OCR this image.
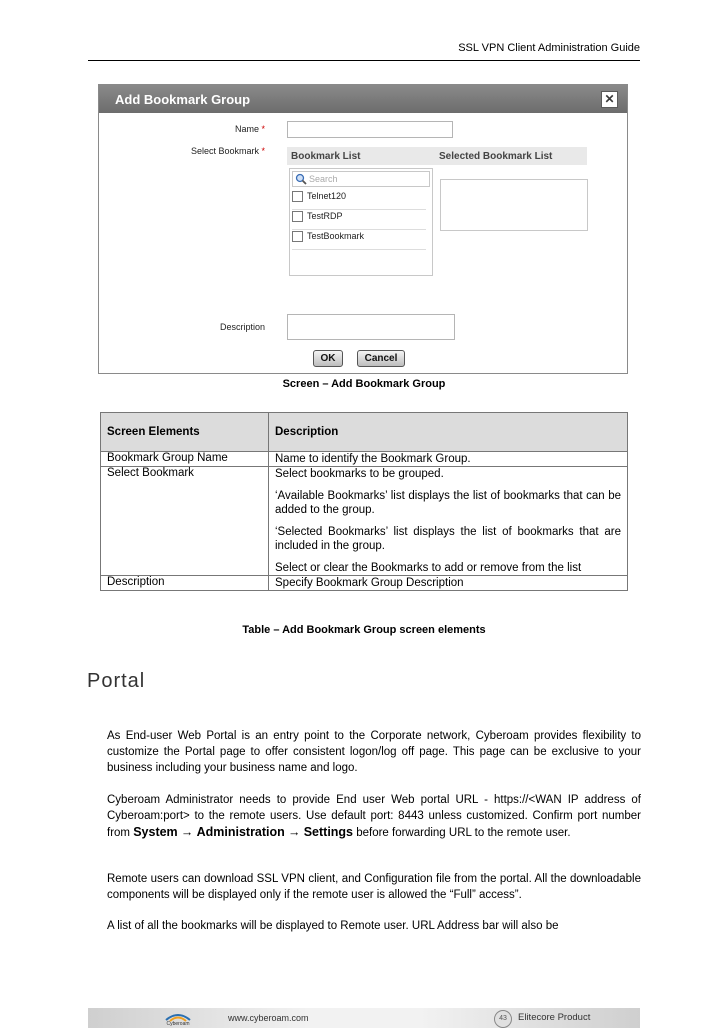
SSL VPN Client Administration Guide
Add Bookmark Group	✕
Name *
Select Bookmark *	Bookmark List	Selected Bookmark List
Search
Telnet120
TestRDP
TestBookmark
Description
OK	Cancel
Screen – Add Bookmark Group
Screen Elements	Description
Bookmark Group Name	Name to identify the Bookmark Group.

Select Bookmark	Select bookmarks to be grouped.

‘Available Bookmarks’ list displays the list of bookmarks that can be added to the group.

‘Selected Bookmarks’ list displays the list of bookmarks that are included in the group.

Select or clear the Bookmarks to add or remove from the list

Description	Specify Bookmark Group Description

Table – Add Bookmark Group screen elements
Portal
As End-user Web Portal is an entry point to the Corporate network, Cyberoam provides flexibility to customize the Portal page to offer consistent logon/log off page. This page can be exclusive to your business including your business name and logo.
Cyberoam Administrator needs to provide End user Web portal URL - https://<WAN IP address of Cyberoam:port> to the remote users. Use default port: 8443 unless customized. Confirm port number from System → Administration → Settings before forwarding URL to the remote user.
Remote users can download SSL VPN client, and Configuration file from the portal. All the downloadable components will be displayed only if the remote user is allowed the “Full” access”.
A list of all the bookmarks will be displayed to Remote user. URL Address bar will also be
Cyberoam
www.cyberoam.com	43	Elitecore Product
